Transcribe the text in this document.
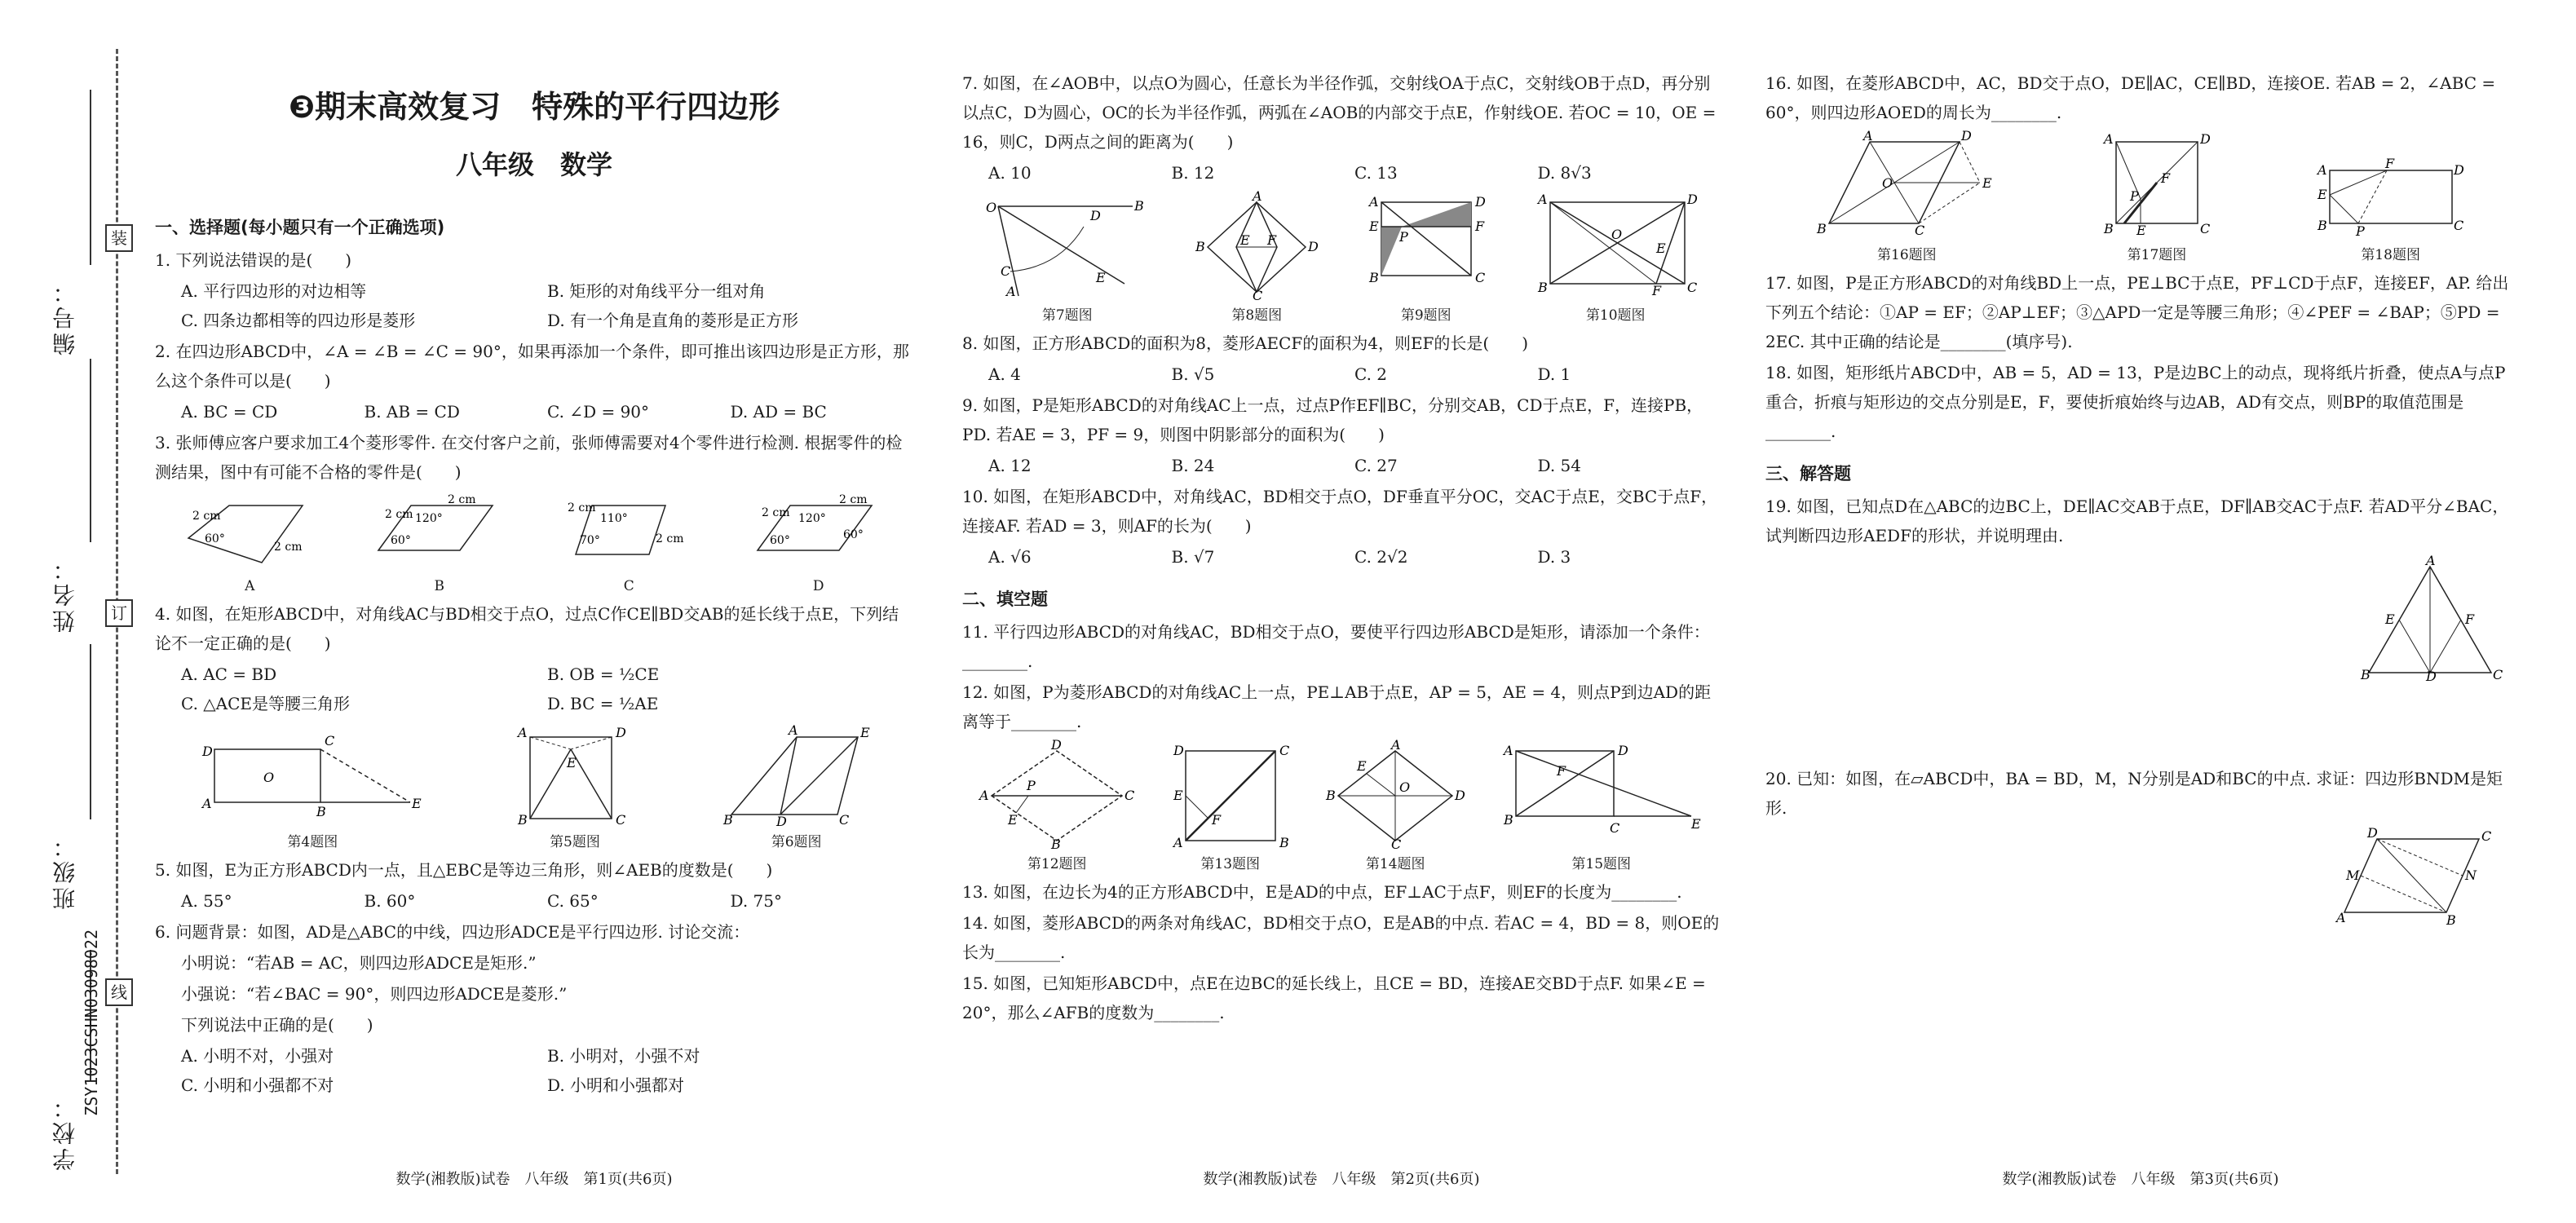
编号：
姓名：
班级：
学校：
装
订
线
ZSY1023CSHN03098022
❸期末高效复习　特殊的平行四边形
八年级　数学
一、选择题(每小题只有一个正确选项)
1. 下列说法错误的是(　　)
A. 平行四边形的对边相等	B. 矩形的对角线平分一组对角
C. 四条边都相等的四边形是菱形	D. 有一个角是直角的菱形是正方形
2. 在四边形ABCD中，∠A = ∠B = ∠C = 90°，如果再添加一个条件，即可推出该四边形是正方形，那么这个条件可以是(　　)
A. BC = CD	B. AB = CD	C. ∠D = 90°	D. AD = BC
3. 张师傅应客户要求加工4个菱形零件. 在交付客户之前，张师傅需要对4个零件进行检测. 根据零件的检测结果，图中有可能不合格的零件是(　　)
2 cm
2 cm
60°
A
2 cm
2 cm
60°
120°
B
2 cm
2 cm
110°
70°
C
2 cm
2 cm
120°
60°	60°
D
4. 如图，在矩形ABCD中，对角线AC与BD相交于点O，过点C作CE∥BD交AB的延长线于点E，下列结论不一定正确的是(　　)
A. AC = BD	B. OB = ½CE
C. △ACE是等腰三角形	D. BC = ½AE
D
C
A
B
E
O
第4题图
A	D
B	C
E
第5题图
A	E
B	D	C
第6题图
5. 如图，E为正方形ABCD内一点，且△EBC是等边三角形，则∠AEB的度数是(　　)
A. 55°	B. 60°	C. 65°	D. 75°
6. 问题背景：如图，AD是△ABC的中线，四边形ADCE是平行四边形. 讨论交流：
小明说：“若AB = AC，则四边形ADCE是矩形.”
小强说：“若∠BAC = 90°，则四边形ADCE是菱形.”
下列说法中正确的是(　　)
A. 小明不对，小强对	B. 小明对，小强不对
C. 小明和小强都不对	D. 小明和小强都对
数学(湘教版)试卷　八年级　第1页(共6页)
7. 如图，在∠AOB中，以点O为圆心，任意长为半径作弧，交射线OA于点C，交射线OB于点D，再分别以点C，D为圆心，OC的长为半径作弧，两弧在∠AOB的内部交于点E，作射线OE. 若OC = 10，OE = 16，则C，D两点之间的距离为(　　)
A. 10	B. 12	C. 13	D. 8√3
O	B
D
C
A
E
第7题图
A
B	D
C
E F
第8题图
A	D
E	F
P
B	C
第9题图
A	D
B	C
O
E
F
第10题图
8. 如图，正方形ABCD的面积为8，菱形AECF的面积为4，则EF的长是(　　)
A. 4	B. √5	C. 2	D. 1
9. 如图，P是矩形ABCD的对角线AC上一点，过点P作EF∥BC，分别交AB，CD于点E，F，连接PB，PD. 若AE = 3，PF = 9，则图中阴影部分的面积为(　　)
A. 12	B. 24	C. 27	D. 54
10. 如图，在矩形ABCD中，对角线AC，BD相交于点O，DF垂直平分OC，交AC于点E，交BC于点F，连接AF. 若AD = 3，则AF的长为(　　)
A. √6	B. √7	C. 2√2	D. 3
二、填空题
11. 平行四边形ABCD的对角线AC，BD相交于点O，要使平行四边形ABCD是矩形，请添加一个条件：________.
12. 如图，P为菱形ABCD的对角线AC上一点，PE⊥AB于点E，AP = 5，AE = 4，则点P到边AD的距离等于________.
A
D
C
B
P
E
第12题图
D	C
E
A	B
F
第13题图
B
A
D
C
O
E
第14题图
A	D
F
B
C	E
第15题图
13. 如图，在边长为4的正方形ABCD中，E是AD的中点，EF⊥AC于点F，则EF的长度为________.
14. 如图，菱形ABCD的两条对角线AC，BD相交于点O，E是AB的中点. 若AC = 4，BD = 8，则OE的长为________.
15. 如图，已知矩形ABCD中，点E在边BC的延长线上，且CE = BD，连接AE交BD于点F. 如果∠E = 20°，那么∠AFB的度数为________.
数学(湘教版)试卷　八年级　第2页(共6页)
16. 如图，在菱形ABCD中，AC，BD交于点O，DE∥AC，CE∥BD，连接OE. 若AB = 2，∠ABC = 60°，则四边形AOED的周长为________.
A	D
B	C
O	E
第16题图
A	D
P
B E	C
F
第17题图
A	F	D
E
B P	C
第18题图
17. 如图，P是正方形ABCD的对角线BD上一点，PE⊥BC于点E，PF⊥CD于点F，连接EF，AP. 给出下列五个结论：①AP = EF；②AP⊥EF；③△APD一定是等腰三角形；④∠PEF = ∠BAP；⑤PD = 2EC. 其中正确的结论是________(填序号).
18. 如图，矩形纸片ABCD中，AB = 5，AD = 13，P是边BC上的动点，现将纸片折叠，使点A与点P重合，折痕与矩形边的交点分别是E，F，要使折痕始终与边AB，AD有交点，则BP的取值范围是________.
三、解答题
19. 如图，已知点D在△ABC的边BC上，DE∥AC交AB于点E，DF∥AB交AC于点F. 若AD平分∠BAC，试判断四边形AEDF的形状，并说明理由.
A
E	F
B	D	C
20. 已知：如图，在▱ABCD中，BA = BD，M，N分别是AD和BC的中点. 求证：四边形BNDM是矩形.
D	C
M	N
A	B
数学(湘教版)试卷　八年级　第3页(共6页)
